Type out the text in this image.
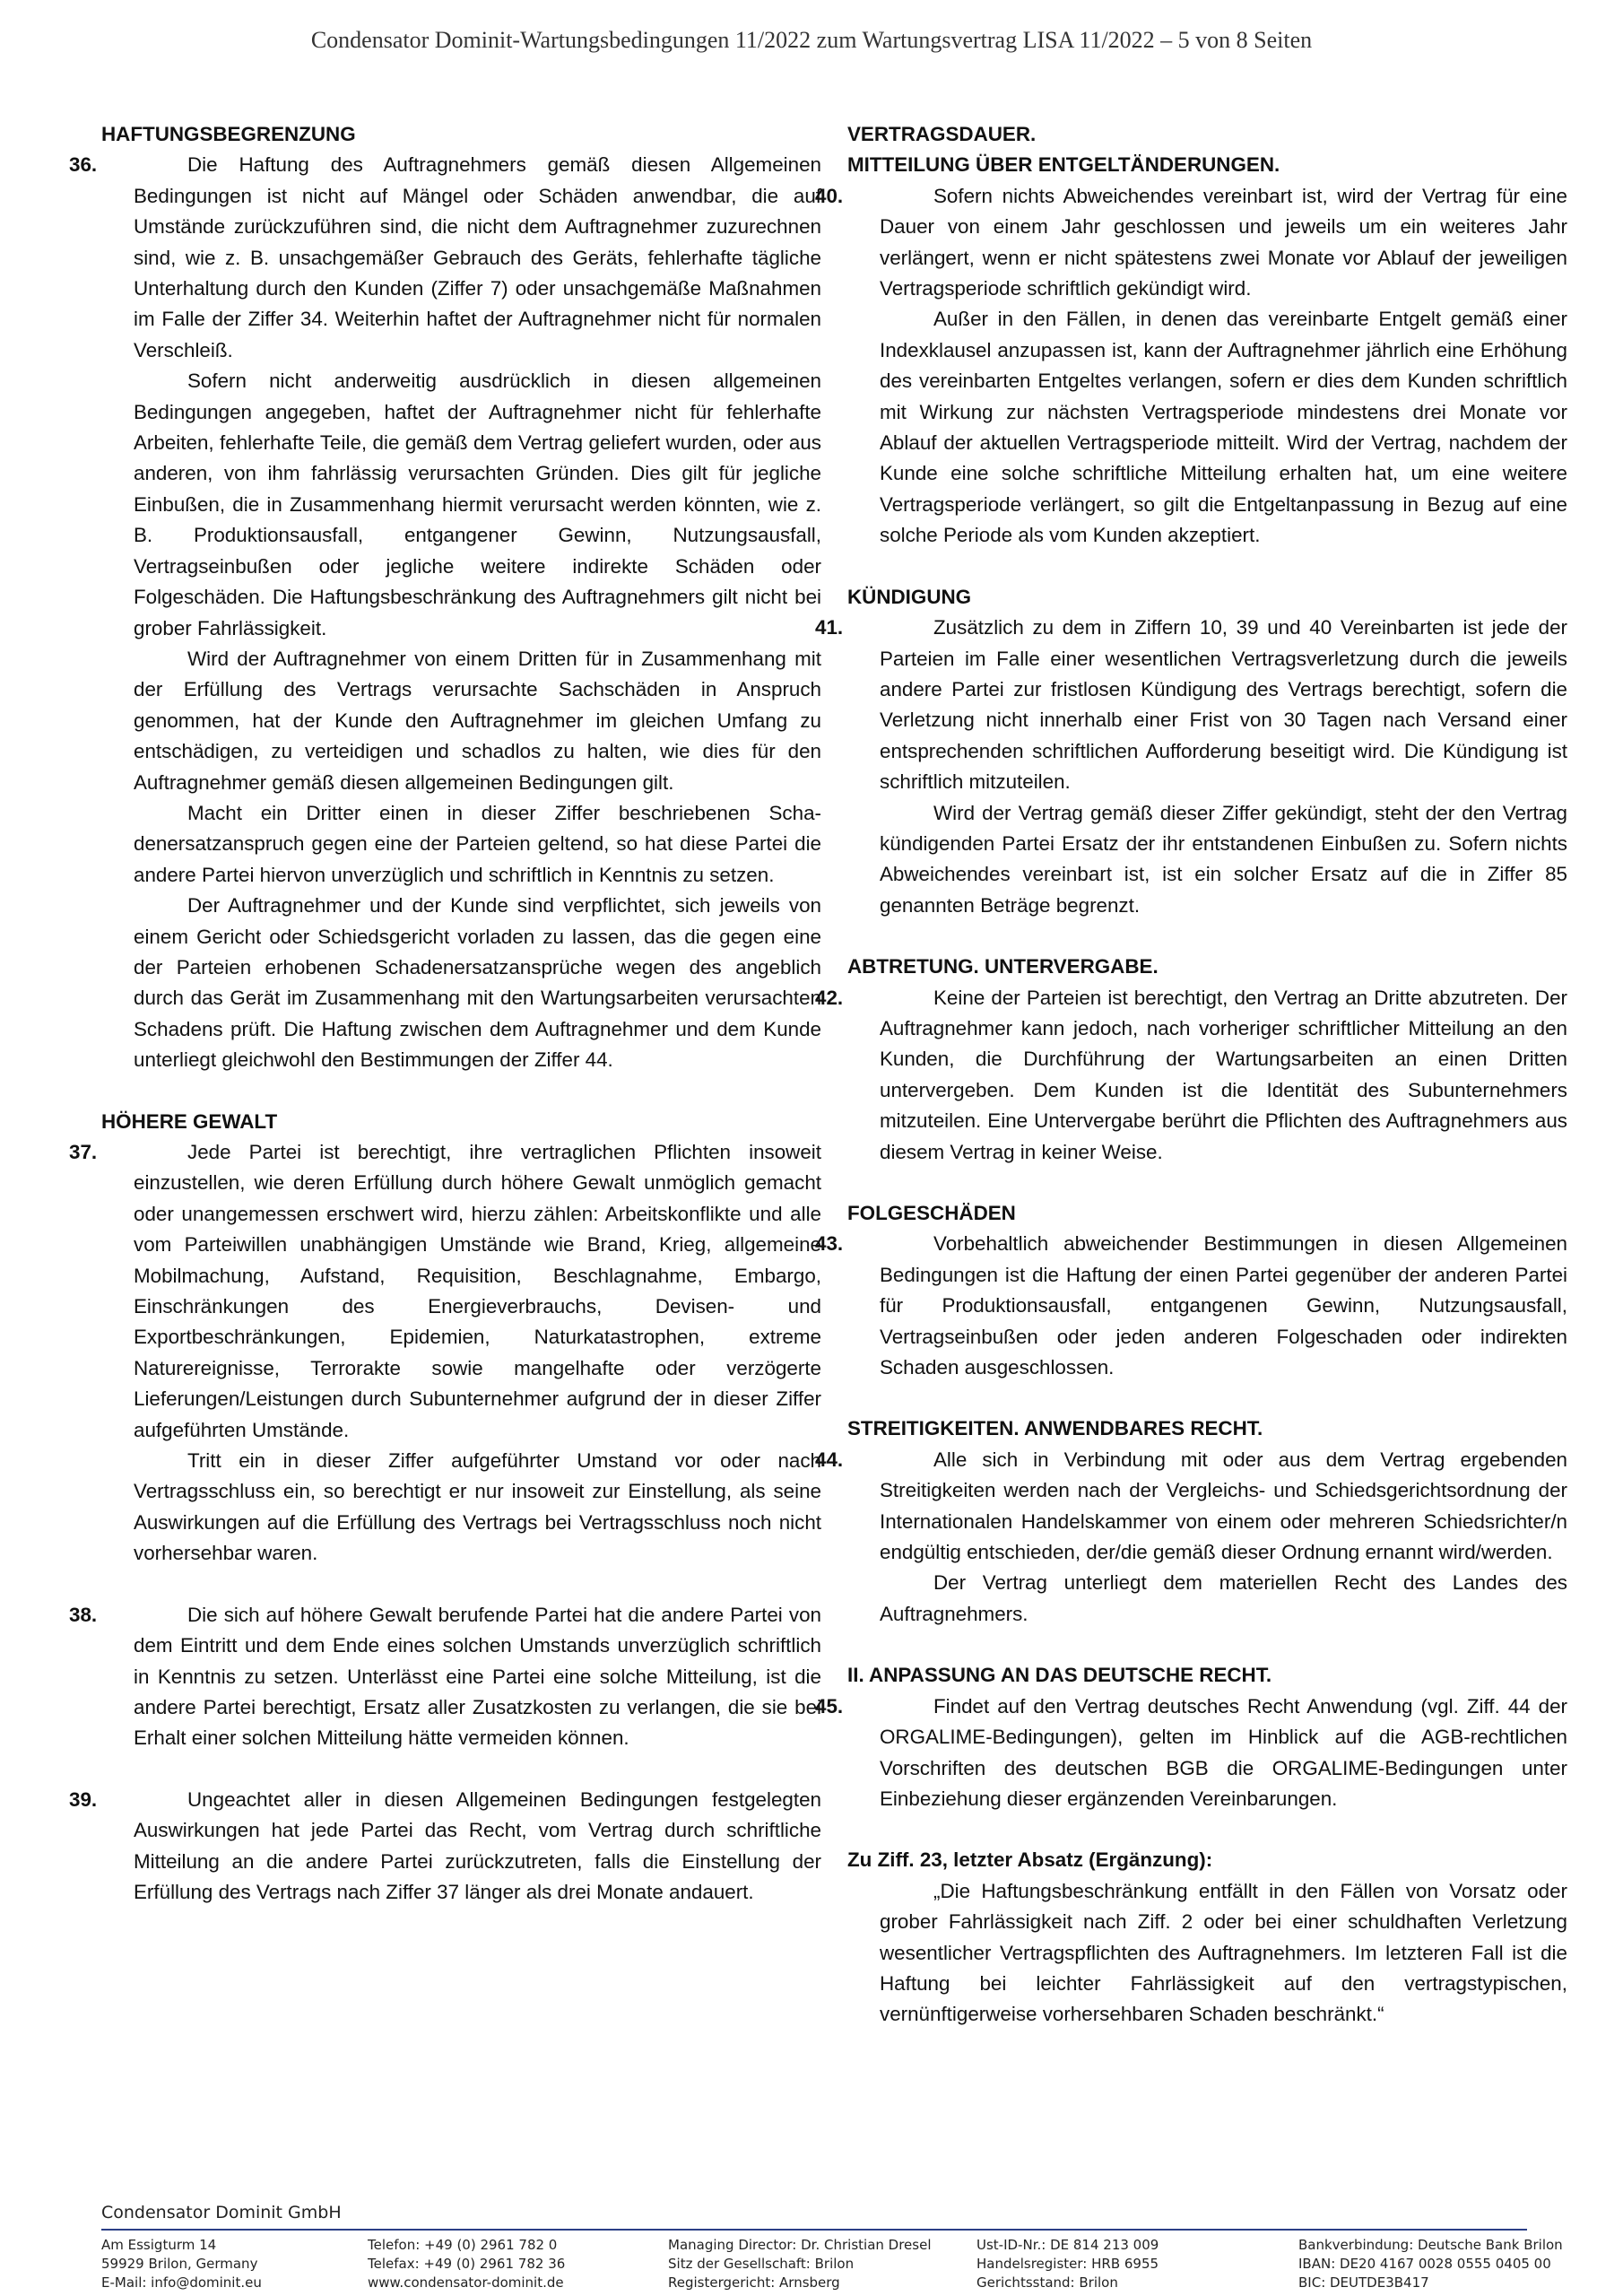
Condensator Dominit-Wartungsbedingungen 11/2022 zum Wartungsvertrag LISA 11/2022 – 5 von 8 Seiten
HAFTUNGSBEGRENZUNG
36.	Die Haftung des Auftragnehmers gemäß diesen Allgemeinen Bedingungen ist nicht auf Mängel oder Schäden anwendbar, die auf Umstände zurückzuführen sind, die nicht dem Auftragnehmer zuzurechnen sind, wie z. B. unsachgemäßer Gebrauch des Geräts, fehlerhafte tägliche Unterhaltung durch den Kunden (Ziffer 7) oder unsachgemäße Maßnahmen im Falle der Ziffer 34. Weiterhin haftet der Auftragnehmer nicht für normalen Verschleiß.

Sofern nicht anderweitig ausdrücklich in diesen allgemeinen Bedingungen angegeben, haftet der Auftragnehmer nicht für fehlerhafte Arbeiten, fehlerhafte Teile, die gemäß dem Vertrag geliefert wurden, oder aus anderen, von ihm fahrlässig verursachten Gründen. Dies gilt für jegliche Einbußen, die in Zusammenhang hiermit verursacht werden könnten, wie z. B. Produktionsausfall, entgangener Gewinn, Nutzungsausfall, Vertragseinbußen oder jegliche weitere indirekte Schäden oder Folgeschäden. Die Haftungsbeschränkung des Auftragnehmers gilt nicht bei grober Fahrlässigkeit.

Wird der Auftragnehmer von einem Dritten für in Zusammenhang mit der Erfüllung des Vertrags verursachte Sachschäden in Anspruch genommen, hat der Kunde den Auftragnehmer im gleichen Umfang zu entschädigen, zu verteidigen und schadlos zu halten, wie dies für den Auftragnehmer gemäß diesen allgemeinen Bedingungen gilt.

Macht ein Dritter einen in dieser Ziffer beschriebenen Schadenersatzanspruch gegen eine der Parteien geltend, so hat diese Partei die andere Partei hiervon unverzüglich und schriftlich in Kenntnis zu setzen.

Der Auftragnehmer und der Kunde sind verpflichtet, sich jeweils von einem Gericht oder Schiedsgericht vorladen zu lassen, das die gegen eine der Parteien erhobenen Schadenersatzansprüche wegen des angeblich durch das Gerät im Zusammenhang mit den Wartungsarbeiten verursachten Schadens prüft. Die Haftung zwischen dem Auftragnehmer und dem Kunde unterliegt gleichwohl den Bestimmungen der Ziffer 44.

HÖHERE GEWALT
37.	Jede Partei ist berechtigt, ihre vertraglichen Pflichten insoweit einzustellen, wie deren Erfüllung durch höhere Gewalt unmöglich gemacht oder unangemessen erschwert wird, hierzu zählen: Arbeitskonflikte und alle vom Parteiwillen unabhängigen Umstände wie Brand, Krieg, allgemeine Mobilmachung, Aufstand, Requisition, Beschlagnahme, Embargo, Einschränkungen des Energieverbrauchs, Devisen- und Exportbeschränkungen, Epidemien, Naturkatastrophen, extreme Naturereignisse, Terrorakte sowie mangelhafte oder verzögerte Lieferungen/Leistungen durch Subunternehmer aufgrund der in dieser Ziffer aufgeführten Umstände.

Tritt ein in dieser Ziffer aufgeführter Umstand vor oder nach Vertragsschluss ein, so berechtigt er nur insoweit zur Einstellung, als seine Auswirkungen auf die Erfüllung des Vertrags bei Vertragsschluss noch nicht vorhersehbar waren.

38.	Die sich auf höhere Gewalt berufende Partei hat die andere Partei von dem Eintritt und dem Ende eines solchen Umstands unverzüglich schriftlich in Kenntnis zu setzen. Unterlässt eine Partei eine solche Mitteilung, ist die andere Partei berechtigt, Ersatz aller Zusatzkosten zu verlangen, die sie bei Erhalt einer solchen Mitteilung hätte vermeiden können.

39.	Ungeachtet aller in diesen Allgemeinen Bedingungen festgelegten Auswirkungen hat jede Partei das Recht, vom Vertrag durch schriftliche Mitteilung an die andere Partei zurückzutreten, falls die Einstellung der Erfüllung des Vertrags nach Ziffer 37 länger als drei Monate andauert.

VERTRAGSDAUER.
MITTEILUNG ÜBER ENTGELTÄNDERUNGEN.
40.	Sofern nichts Abweichendes vereinbart ist, wird der Vertrag für eine Dauer von einem Jahr geschlossen und jeweils um ein weiteres Jahr verlängert, wenn er nicht spätestens zwei Monate vor Ablauf der jeweiligen Vertragsperiode schriftlich gekündigt wird.

Außer in den Fällen, in denen das vereinbarte Entgelt gemäß einer Indexklausel anzupassen ist, kann der Auftragnehmer jährlich eine Erhöhung des vereinbarten Entgeltes verlangen, sofern er dies dem Kunden schriftlich mit Wirkung zur nächsten Vertragsperiode mindestens drei Monate vor Ablauf der aktuellen Vertragsperiode mitteilt. Wird der Vertrag, nachdem der Kunde eine solche schriftliche Mitteilung erhalten hat, um eine weitere Vertragsperiode verlängert, so gilt die Entgeltanpassung in Bezug auf eine solche Periode als vom Kunden akzeptiert.

KÜNDIGUNG
41.	Zusätzlich zu dem in Ziffern 10, 39 und 40 Vereinbarten ist jede der Parteien im Falle einer wesentlichen Vertragsverletzung durch die jeweils andere Partei zur fristlosen Kündigung des Vertrags berechtigt, sofern die Verletzung nicht innerhalb einer Frist von 30 Tagen nach Versand einer entsprechenden schriftlichen Aufforderung beseitigt wird. Die Kündigung ist schriftlich mitzuteilen.

Wird der Vertrag gemäß dieser Ziffer gekündigt, steht der den Vertrag kündigenden Partei Ersatz der ihr entstandenen Einbußen zu. Sofern nichts Abweichendes vereinbart ist, ist ein solcher Ersatz auf die in Ziffer 85 genannten Beträge begrenzt.

ABTRETUNG. UNTERVERGABE.
42.	Keine der Parteien ist berechtigt, den Vertrag an Dritte abzutreten. Der Auftragnehmer kann jedoch, nach vorheriger schriftlicher Mitteilung an den Kunden, die Durchführung der Wartungsarbeiten an einen Dritten untervergeben. Dem Kunden ist die Identität des Subunternehmers mitzuteilen. Eine Untervergabe berührt die Pflichten des Auftragnehmers aus diesem Vertrag in keiner Weise.

FOLGESCHÄDEN
43.	Vorbehaltlich abweichender Bestimmungen in diesen Allgemeinen Bedingungen ist die Haftung der einen Partei gegenüber der anderen Partei für Produktionsausfall, entgangenen Gewinn, Nutzungsausfall, Vertragseinbußen oder jeden anderen Folgeschaden oder indirekten Schaden ausgeschlossen.

STREITIGKEITEN. ANWENDBARES RECHT.
44.	Alle sich in Verbindung mit oder aus dem Vertrag ergebenden Streitigkeiten werden nach der Vergleichs- und Schiedsgerichtsordnung der Internationalen Handelskammer von einem oder mehreren Schiedsrichter/n endgültig entschieden, der/die gemäß dieser Ordnung ernannt wird/werden.

Der Vertrag unterliegt dem materiellen Recht des Landes des Auftragnehmers.

II. ANPASSUNG AN DAS DEUTSCHE RECHT.
45.	Findet auf den Vertrag deutsches Recht Anwendung (vgl. Ziff. 44 der ORGALIME-Bedingungen), gelten im Hinblick auf die AGB-rechtlichen Vorschriften des deutschen BGB die ORGALIME-Bedingungen unter Einbeziehung dieser ergänzenden Vereinbarungen.

Zu Ziff. 23, letzter Absatz (Ergänzung):

„Die Haftungsbeschränkung entfällt in den Fällen von Vorsatz oder grober Fahrlässigkeit nach Ziff. 2 oder bei einer schuldhaften Verletzung wesentlicher Vertragspflichten des Auftragnehmers. Im letzteren Fall ist die Haftung bei leichter Fahrlässigkeit auf den vertragstypischen, vernünftigerweise vorhersehbaren Schaden beschränkt.“

Condensator Dominit GmbH
Am Essigturm 14
59929 Brilon, Germany
E-Mail: info@dominit.eu
Telefon: +49 (0) 2961 782 0
Telefax: +49 (0) 2961 782 36
www.condensator-dominit.de
Managing Director: Dr. Christian Dresel
Sitz der Gesellschaft: Brilon
Registergericht: Arnsberg
Ust-ID-Nr.: DE 814 213 009
Handelsregister: HRB 6955
Gerichtsstand: Brilon
Bankverbindung: Deutsche Bank Brilon
IBAN: DE20 4167 0028 0555 0405 00
BIC: DEUTDE3B417
